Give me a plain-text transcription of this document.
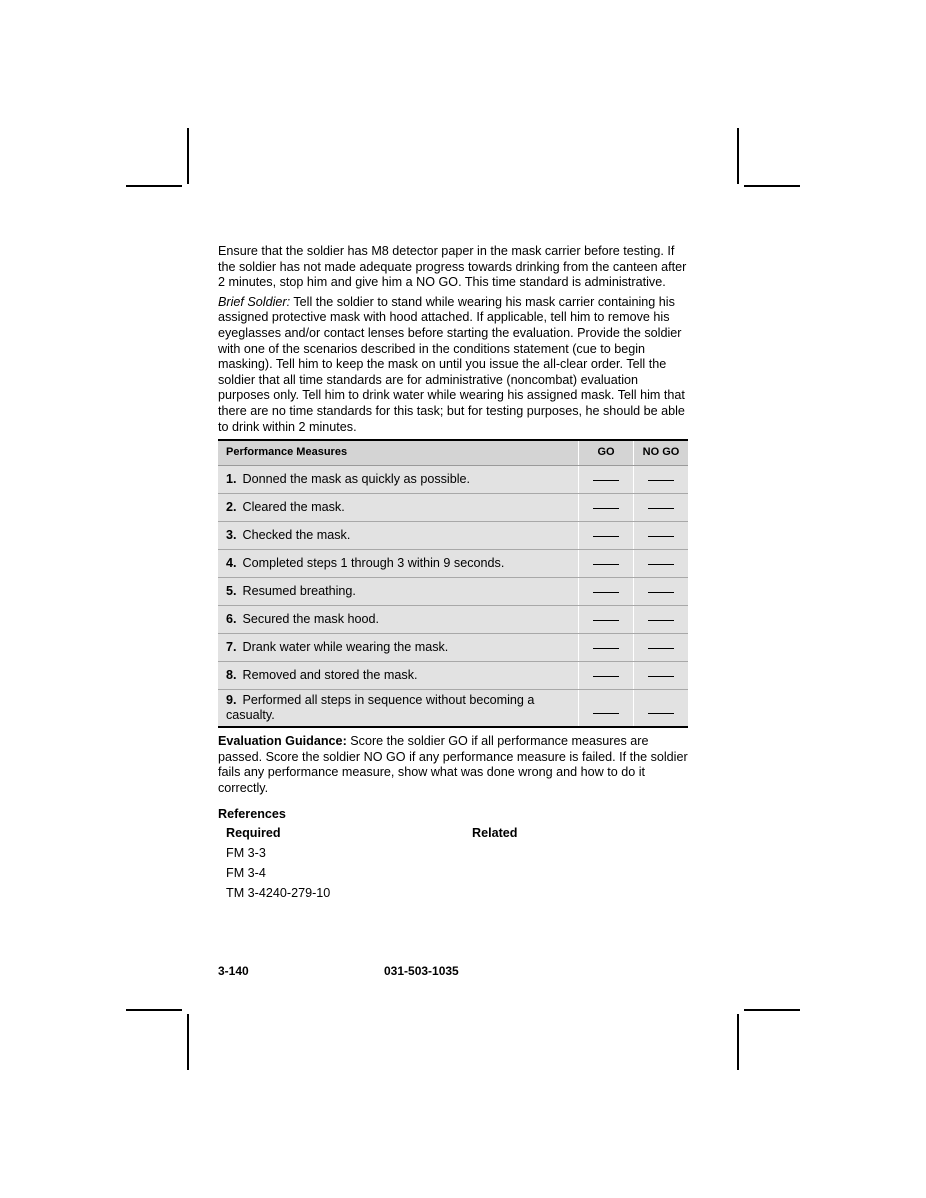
Ensure that the soldier has M8 detector paper in the mask carrier before testing. If the soldier has not made adequate progress towards drinking from the canteen after 2 minutes, stop him and give him a NO GO. This time standard is administrative.

Brief Soldier: Tell the soldier to stand while wearing his mask carrier containing his assigned protective mask with hood attached. If applicable, tell him to remove his eyeglasses and/or contact lenses before starting the evaluation. Provide the soldier with one of the scenarios described in the conditions statement (cue to begin masking). Tell him to keep the mask on until you issue the all-clear order. Tell the soldier that all time standards are for administrative (noncombat) evaluation purposes only. Tell him to drink water while wearing his assigned mask. Tell him that there are no time standards for this task; but for testing purposes, he should be able to drink within 2 minutes.

Performance Measures	GO	NO GO
1. Donned the mask as quickly as possible.		
2. Cleared the mask.		
3. Checked the mask.		
4. Completed steps 1 through 3 within 9 seconds.		
5. Resumed breathing.		
6. Secured the mask hood.		
7. Drank water while wearing the mask.		
8. Removed and stored the mask.		
9. Performed all steps in sequence without becoming a casualty.		

Evaluation Guidance: Score the soldier GO if all performance measures are passed. Score the soldier NO GO if any performance measure is failed. If the soldier fails any performance measure, show what was done wrong and how to do it correctly.

References
Required	Related
FM 3-3
FM 3-4
TM 3-4240-279-10
3-140	031-503-1035
